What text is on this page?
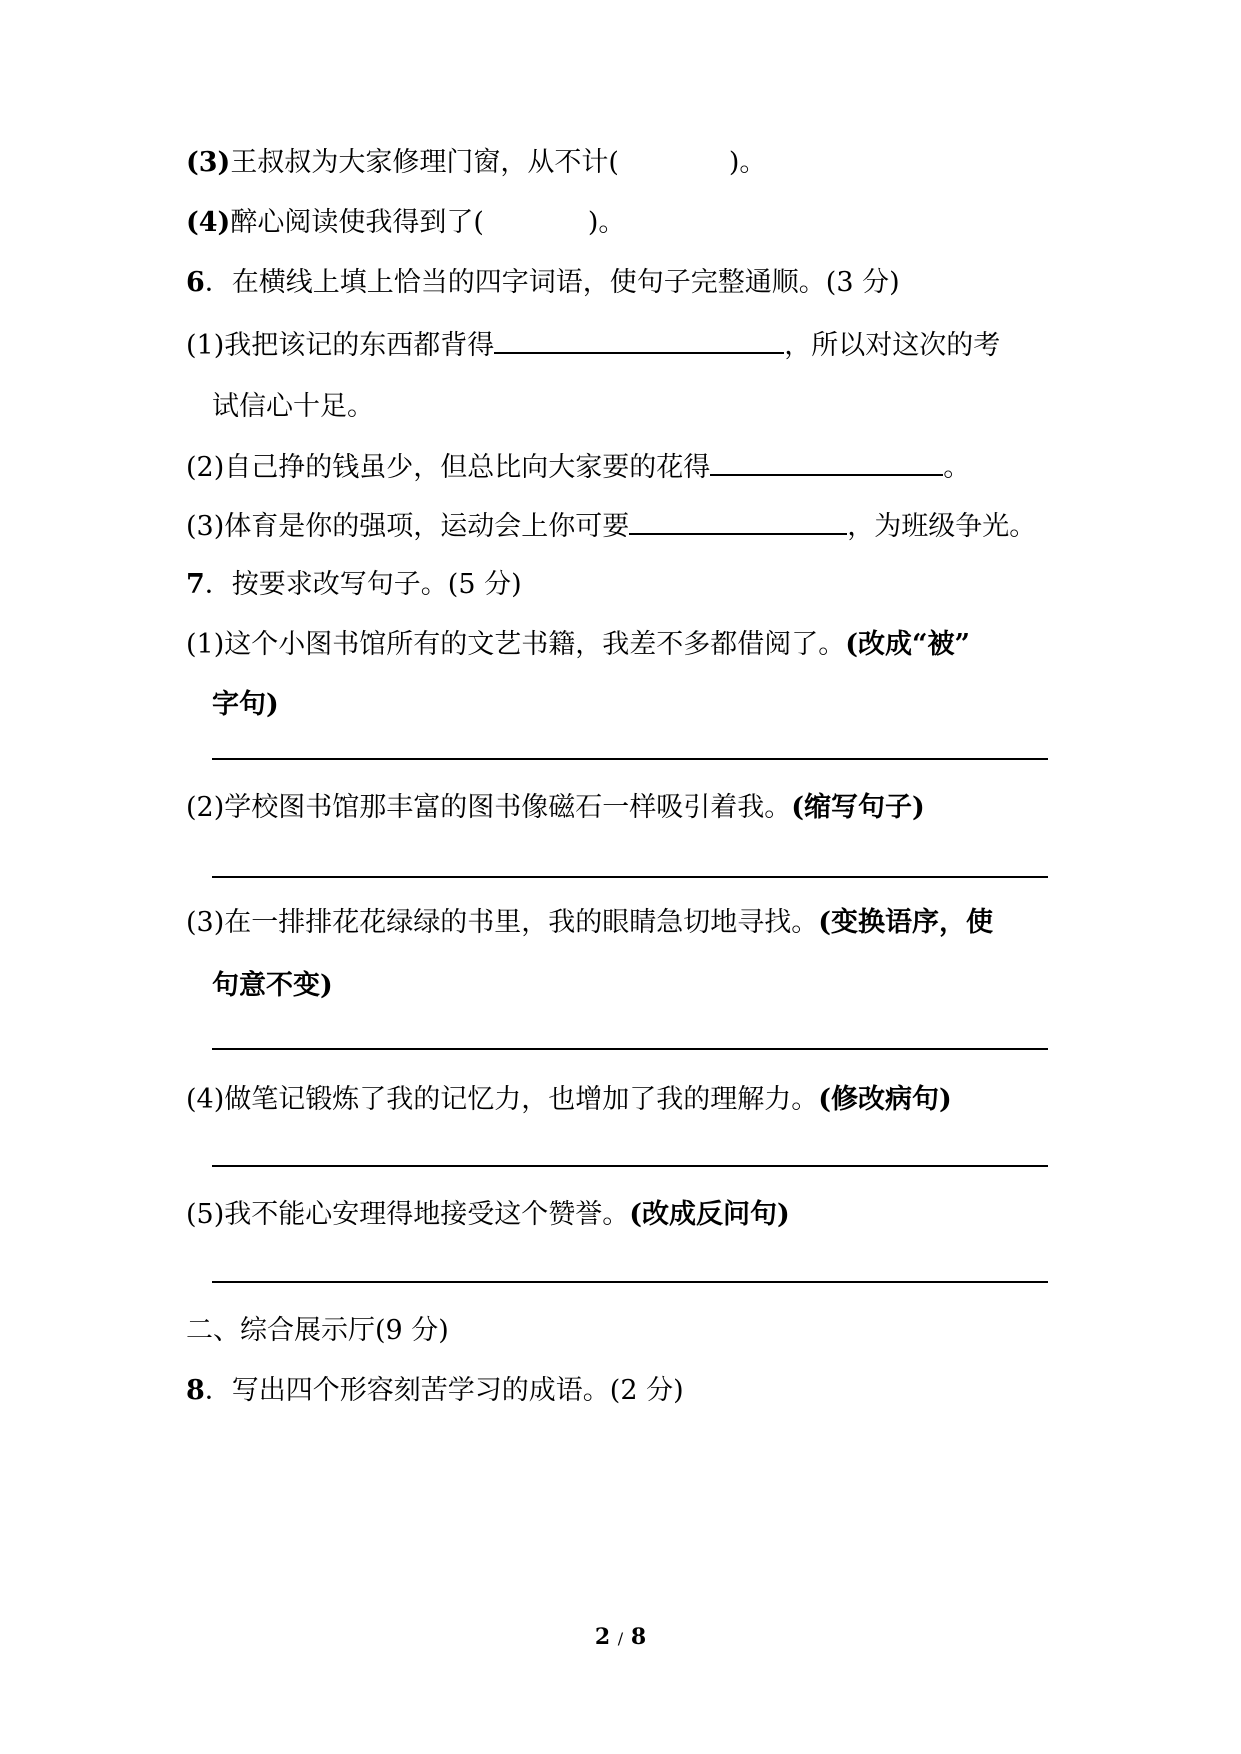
(3)王叔叔为大家修理门窗，从不计(	)。
(4)醉心阅读使我得到了(	)。
6．在横线上填上恰当的四字词语，使句子完整通顺。(3 分)
(1)我把该记的东西都背得	，所以对这次的考
试信心十足。
(2)自己挣的钱虽少，但总比向大家要的花得	。
(3)体育是你的强项，运动会上你可要	，为班级争光。
7．按要求改写句子。(5 分)
(1)这个小图书馆所有的文艺书籍，我差不多都借阅了。(改成“被”
字句)
(2)学校图书馆那丰富的图书像磁石一样吸引着我。(缩写句子)
(3)在一排排花花绿绿的书里，我的眼睛急切地寻找。(变换语序，使
句意不变)
(4)做笔记锻炼了我的记忆力，也增加了我的理解力。(修改病句)
(5)我不能心安理得地接受这个赞誉。(改成反问句)
二、综合展示厅(9 分)
8．写出四个形容刻苦学习的成语。(2 分)
2 / 8
